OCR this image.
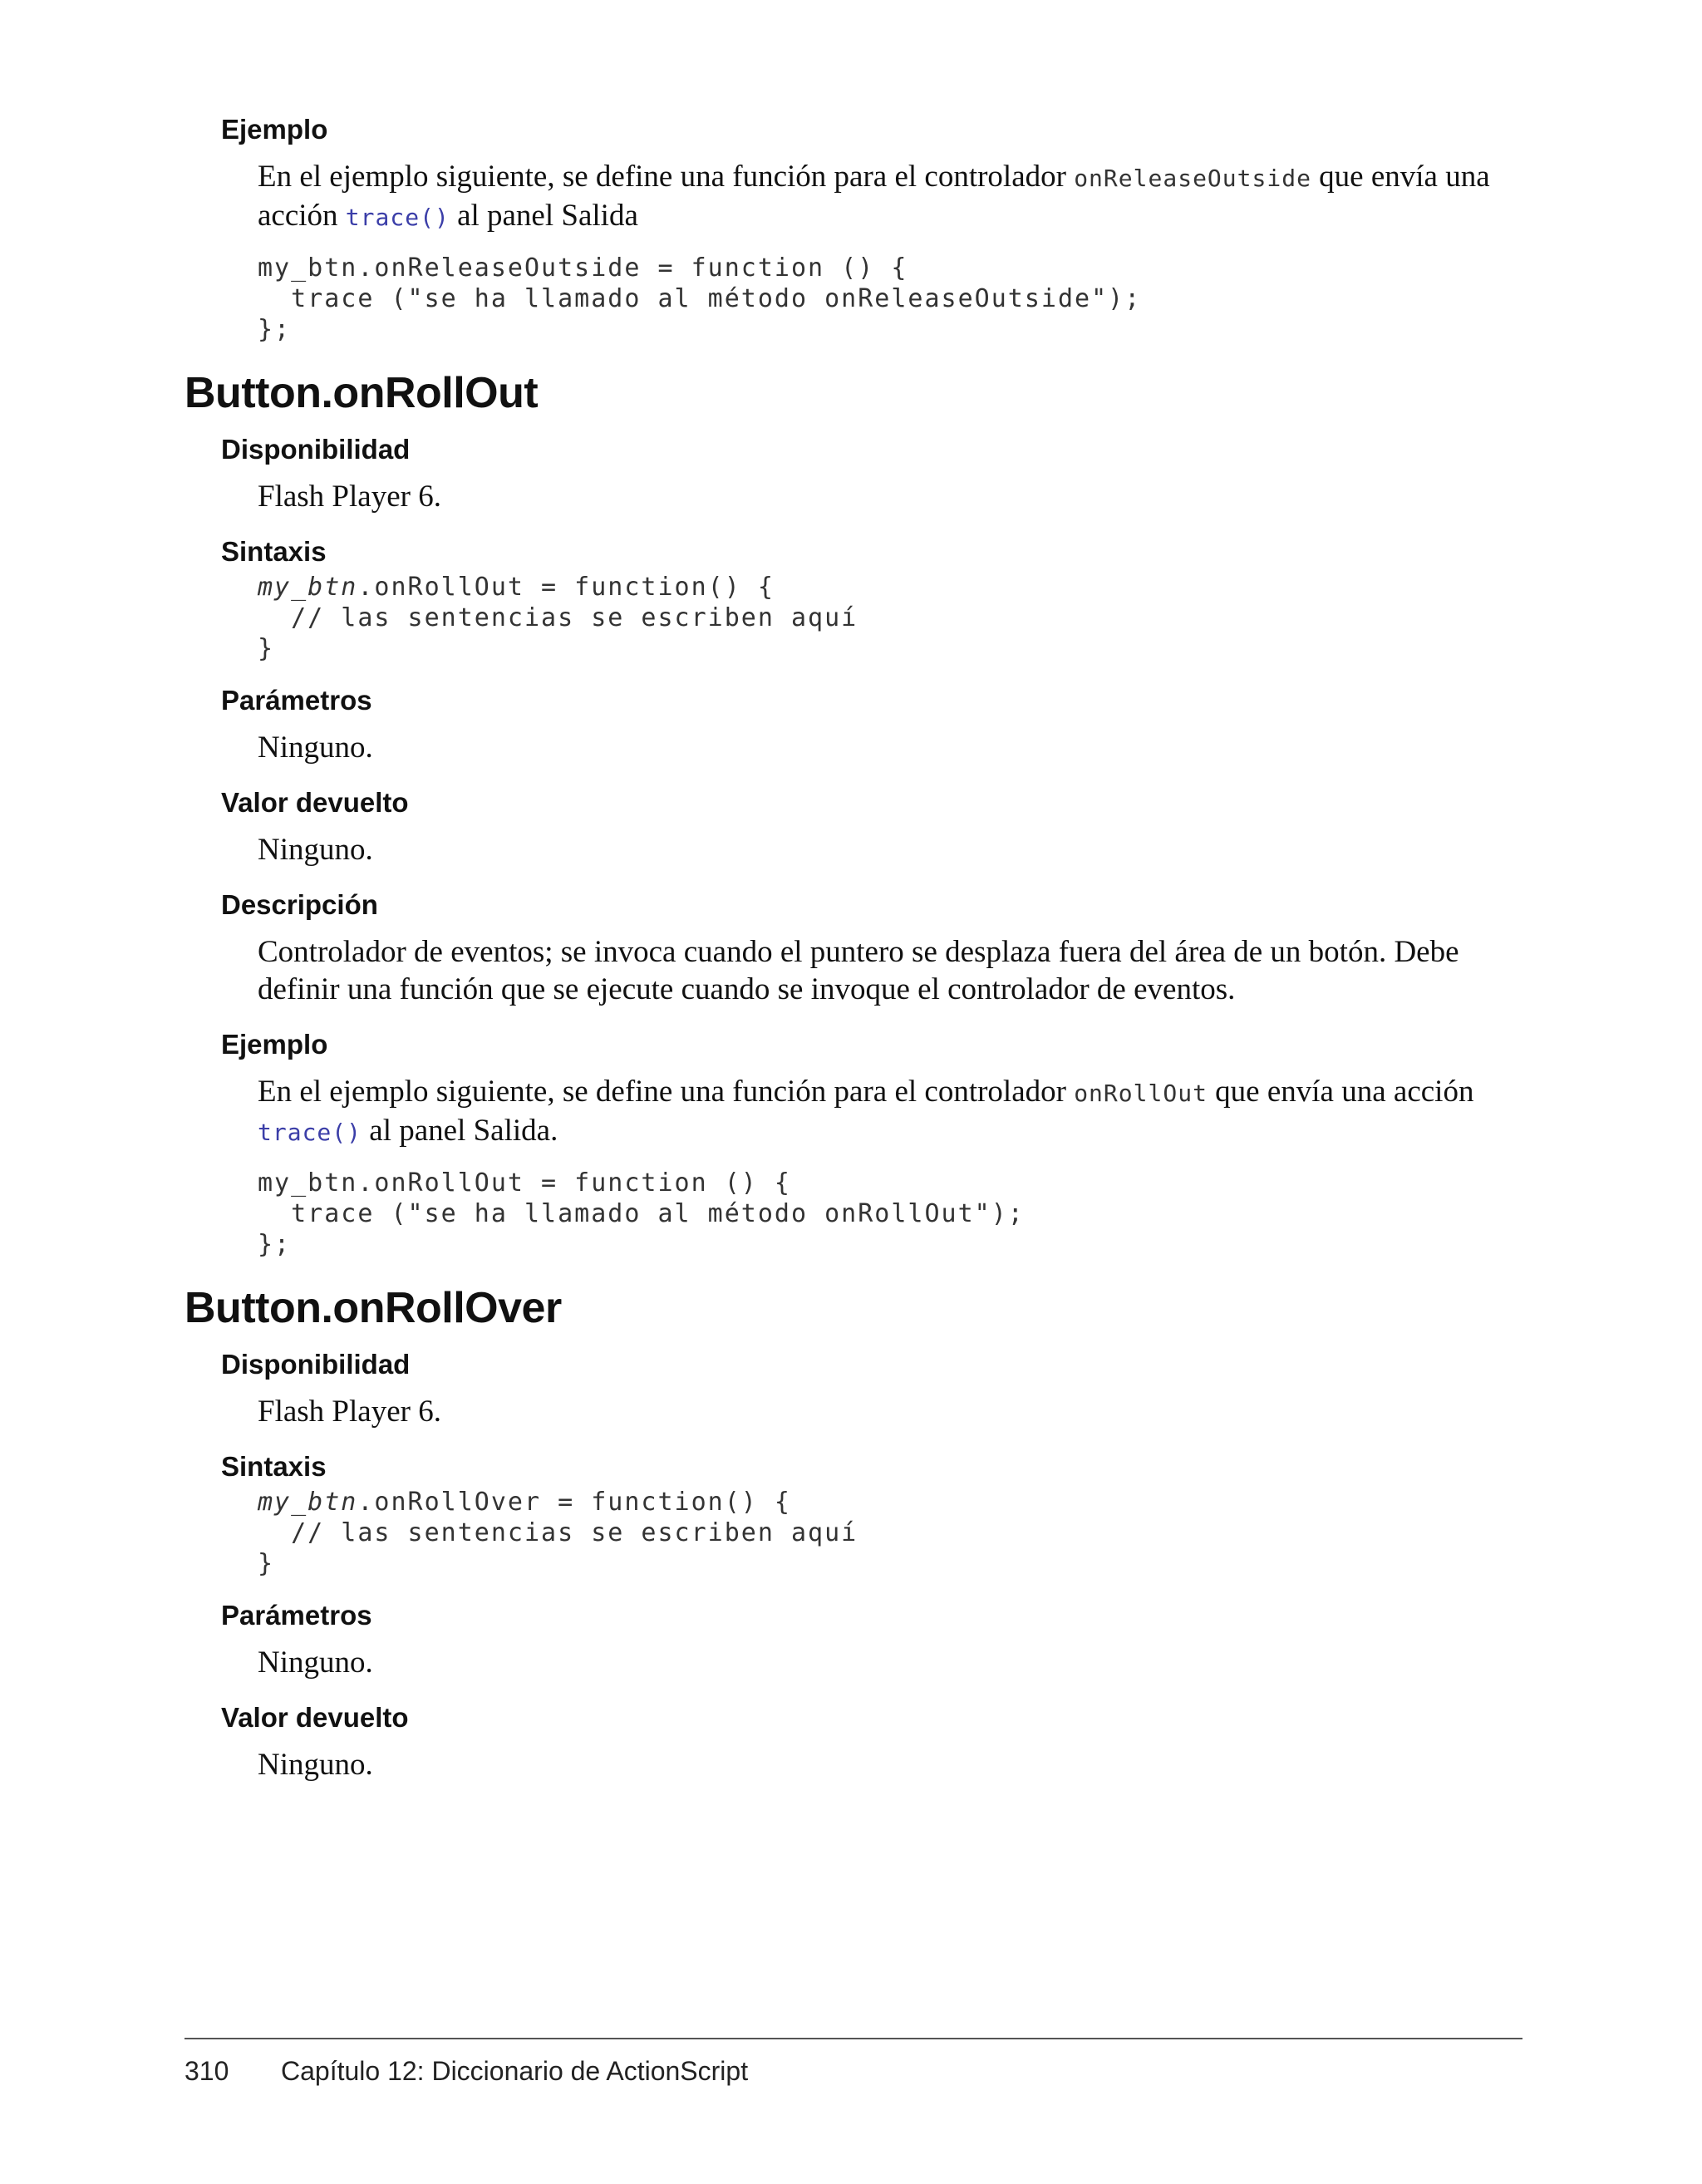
Ejemplo
En el ejemplo siguiente, se define una función para el controlador onReleaseOutside que envía una acción trace() al panel Salida
my_btn.onReleaseOutside = function () {
trace ("se ha llamado al método onReleaseOutside");
};
Button.onRollOut
Disponibilidad
Flash Player 6.
Sintaxis
my_btn.onRollOut = function() {
// las sentencias se escriben aquí
}
Parámetros
Ninguno.
Valor devuelto
Ninguno.
Descripción
Controlador de eventos; se invoca cuando el puntero se desplaza fuera del área de un botón. Debe definir una función que se ejecute cuando se invoque el controlador de eventos.
Ejemplo
En el ejemplo siguiente, se define una función para el controlador onRollOut que envía una acción trace() al panel Salida.
my_btn.onRollOut = function () {
trace ("se ha llamado al método onRollOut");
};
Button.onRollOver
Disponibilidad
Flash Player 6.
Sintaxis
my_btn.onRollOver = function() {
// las sentencias se escriben aquí
}
Parámetros
Ninguno.
Valor devuelto
Ninguno.
310 Capítulo 12: Diccionario de ActionScript
